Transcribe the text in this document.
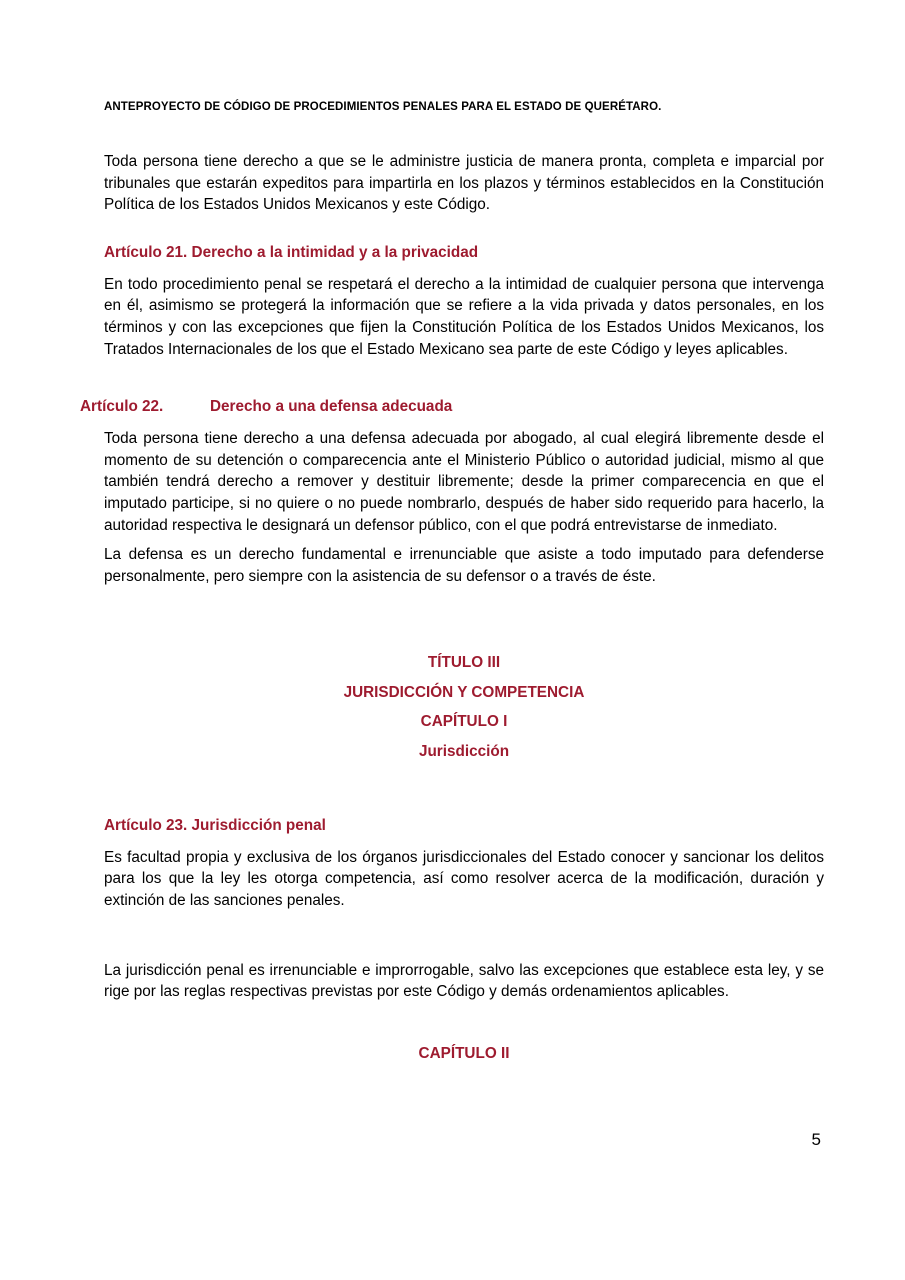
ANTEPROYECTO DE CÓDIGO DE PROCEDIMIENTOS PENALES PARA EL ESTADO DE QUERÉTARO.

Toda persona tiene derecho a que se le administre justicia de manera pronta, completa e imparcial por tribunales que estarán expeditos para impartirla en los plazos y términos establecidos en la Constitución Política de los Estados Unidos Mexicanos y este Código.

Artículo 21. Derecho a la intimidad y a la privacidad

En todo procedimiento penal se respetará el derecho a la intimidad de cualquier persona que intervenga en él, asimismo se protegerá la información que se refiere a la vida privada y datos personales, en los términos y con las excepciones que fijen la Constitución Política de los Estados Unidos Mexicanos, los Tratados Internacionales de los que el Estado Mexicano sea parte de este Código y leyes aplicables.

Artículo 22.	Derecho a una defensa adecuada

Toda persona tiene derecho a una defensa adecuada por abogado, al cual elegirá libremente desde el momento de su detención o comparecencia ante el Ministerio Público o autoridad judicial, mismo al que también tendrá derecho a remover y destituir libremente; desde la primer comparecencia en que el imputado participe, si no quiere o no puede nombrarlo, después de haber sido requerido para hacerlo, la autoridad respectiva le designará un defensor público, con el que podrá entrevistarse de inmediato.

La defensa es un derecho fundamental e irrenunciable que asiste a todo imputado para defenderse personalmente, pero siempre con la asistencia de su defensor o a través de éste.

TÍTULO III
JURISDICCIÓN Y COMPETENCIA
CAPÍTULO I
Jurisdicción
Artículo 23. Jurisdicción penal

Es facultad propia y exclusiva de los órganos jurisdiccionales del Estado conocer y sancionar los delitos para los que la ley les otorga competencia, así como resolver acerca de la modificación, duración y extinción de las sanciones penales.

La jurisdicción penal es irrenunciable e improrrogable, salvo las excepciones que establece esta ley, y se rige por las reglas respectivas previstas por este Código y demás ordenamientos aplicables.

CAPÍTULO II
5
